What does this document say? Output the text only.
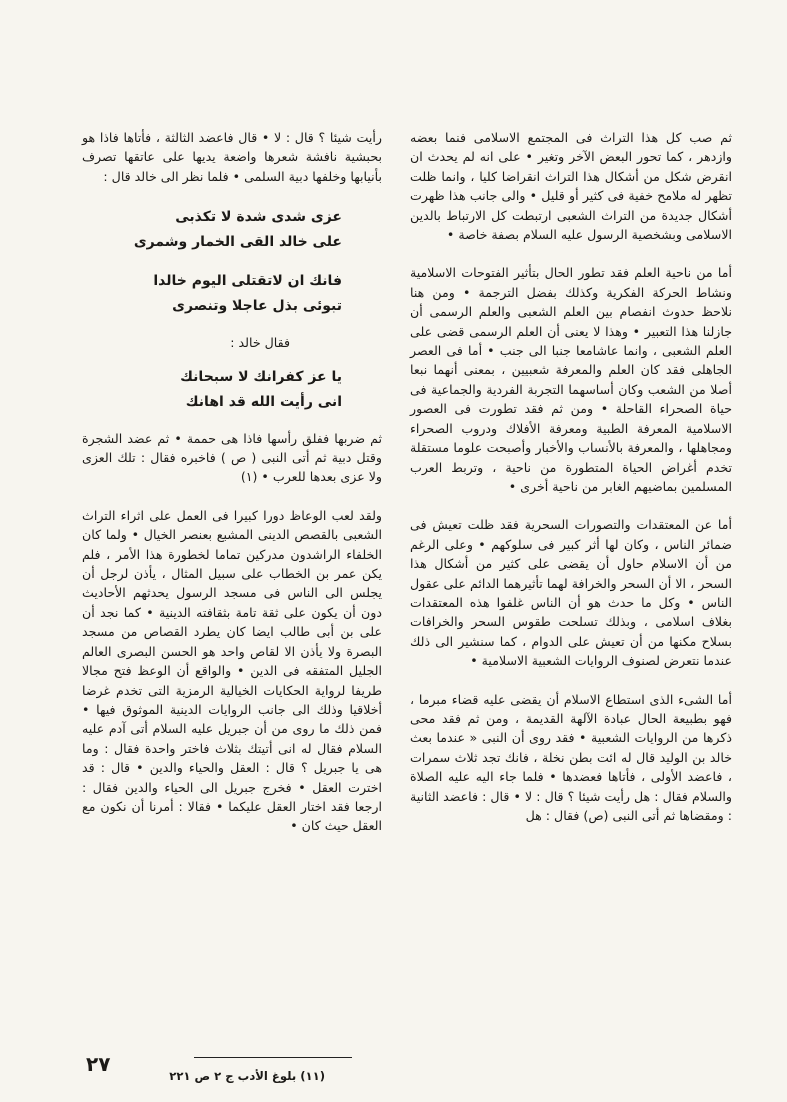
ثم صب كل هذا التراث فى المجتمع الاسلامى فنما بعضه وازدهر ، كما تحور البعض الآخر وتغير • على انه لم يحدث ان انقرض شكل من أشكال هذا التراث انقراضا كليا ، وانما ظلت تظهر له ملامح خفية فى كثير أو قليل • والى جانب هذا ظهرت أشكال جديدة من التراث الشعبى ارتبطت كل الارتباط بالدين الاسلامى وبشخصية الرسول عليه السلام بصفة خاصة •

أما من ناحية العلم فقد تطور الحال بتأثير الفتوحات الاسلامية ونشاط الحركة الفكرية وكذلك بفضل الترجمة • ومن هنا نلاحظ حدوث انفصام بين العلم الشعبى والعلم الرسمى أن جازلنا هذا التعبير • وهذا لا يعنى أن العلم الرسمى قضى على العلم الشعبى ، وانما عاشامعا جنبا الى جنب • أما فى العصر الجاهلى فقد كان العلم والمعرفة شعبيين ، بمعنى أنهما نبعا أصلا من الشعب وكان أساسهما التجربة الفردية والجماعية فى حياة الصحراء القاحلة • ومن ثم فقد تطورت فى العصور الاسلامية المعرفة الطبية ومعرفة الأفلاك ودروب الصحراء ومجاهلها ، والمعرفة بالأنساب والأخبار وأصبحت علوما مستقلة تخدم أغراض الحياة المتطورة من ناحية ، وتربط العرب المسلمين بماضيهم الغابر من ناحية أخرى •

أما عن المعتقدات والتصورات السحرية فقد ظلت تعيش فى ضمائر الناس ، وكان لها أثر كبير فى سلوكهم • وعلى الرغم من أن الاسلام حاول أن يقضى على كثير من أشكال هذا السحر ، الا أن السحر والخرافة لهما تأثيرهما الدائم على عقول الناس • وكل ما حدث هو أن الناس غلفوا هذه المعتقدات بغلاف اسلامى ، وبذلك تسلحت طقوس السحر والخرافات بسلاح مكنها من أن تعيش على الدوام ، كما سنشير الى ذلك عندما نتعرض لصنوف الروايات الشعبية الاسلامية •

أما الشىء الذى استطاع الاسلام أن يقضى عليه قضاء مبرما ، فهو بطبيعة الحال عبادة الآلهة القديمة ، ومن ثم فقد محى ذكرها من الروايات الشعبية • فقد روى أن النبى « عندما بعث خالد بن الوليد قال له ائت بطن نخلة ، فانك تجد ثلاث سمرات ، فاعضد الأولى ، فأتاها فعضدها • فلما جاء اليه عليه الصلاة والسلام فقال : هل رأيت شيئا ؟ قال : لا • قال : فاعضد الثانية : ومقضاها ثم أتى النبى (ص) فقال : هل

رأيت شيئا ؟ قال : لا • قال فاعضد الثالثة ، فأتاها فاذا هو بحبشية نافشة شعرها واضعة يديها على عاتقها تصرف بأنيابها وخلفها دبية السلمى • فلما نظر الى خالد قال :

عزى شدى شدة لا تكذبى
على خالد القى الخمار وشمرى
فانك ان لاتقتلى اليوم خالدا
تبوئى بذل عاجلا وتنصرى
فقال خالد :
يا عز كفرانك لا سبحانك
انى رأيت الله قد اهانك

ثم ضربها ففلق رأسها فاذا هى حممة • ثم عضد الشجرة وقتل دبية ثم أتى النبى ( ص ) فاخبره فقال : تلك العزى ولا عزى بعدها للعرب • (١)

ولقد لعب الوعاظ دورا كبيرا فى العمل على اثراء التراث الشعبى بالقصص الدينى المشبع بعنصر الخيال • ولما كان الخلفاء الراشدون مدركين تماما لخطورة هذا الأمر ، فلم يكن عمر بن الخطاب على سبيل المثال ، يأذن لرجل أن يجلس الى الناس فى مسجد الرسول يحدثهم الأحاديث دون أن يكون على ثقة تامة بثقافته الدينية • كما نجد أن على بن أبى طالب ايضا كان يطرد القصاص من مسجد البصرة ولا يأذن الا لقاص واحد هو الحسن البصرى العالم الجليل المتفقه فى الدين • والواقع أن الوعظ فتح مجالا طريفا لرواية الحكايات الخيالية الرمزية التى تخدم غرضا أخلاقيا وذلك الى جانب الروايات الدينية الموثوق فيها • فمن ذلك ما روى من أن جبريل عليه السلام أتى آدم عليه السلام فقال له انى أتيتك بثلاث فاختر واحدة فقال : وما هى يا جبريل ؟ قال : العقل والحياء والدين • قال : قد اخترت العقل • فخرج جبريل الى الحياء والدين فقال : ارجعا فقد اختار العقل عليكما • فقالا : أمرنا أن نكون مع العقل حيث كان •

(١١) بلوغ الأدب ج ٢ ص ٢٢١
٢٧
